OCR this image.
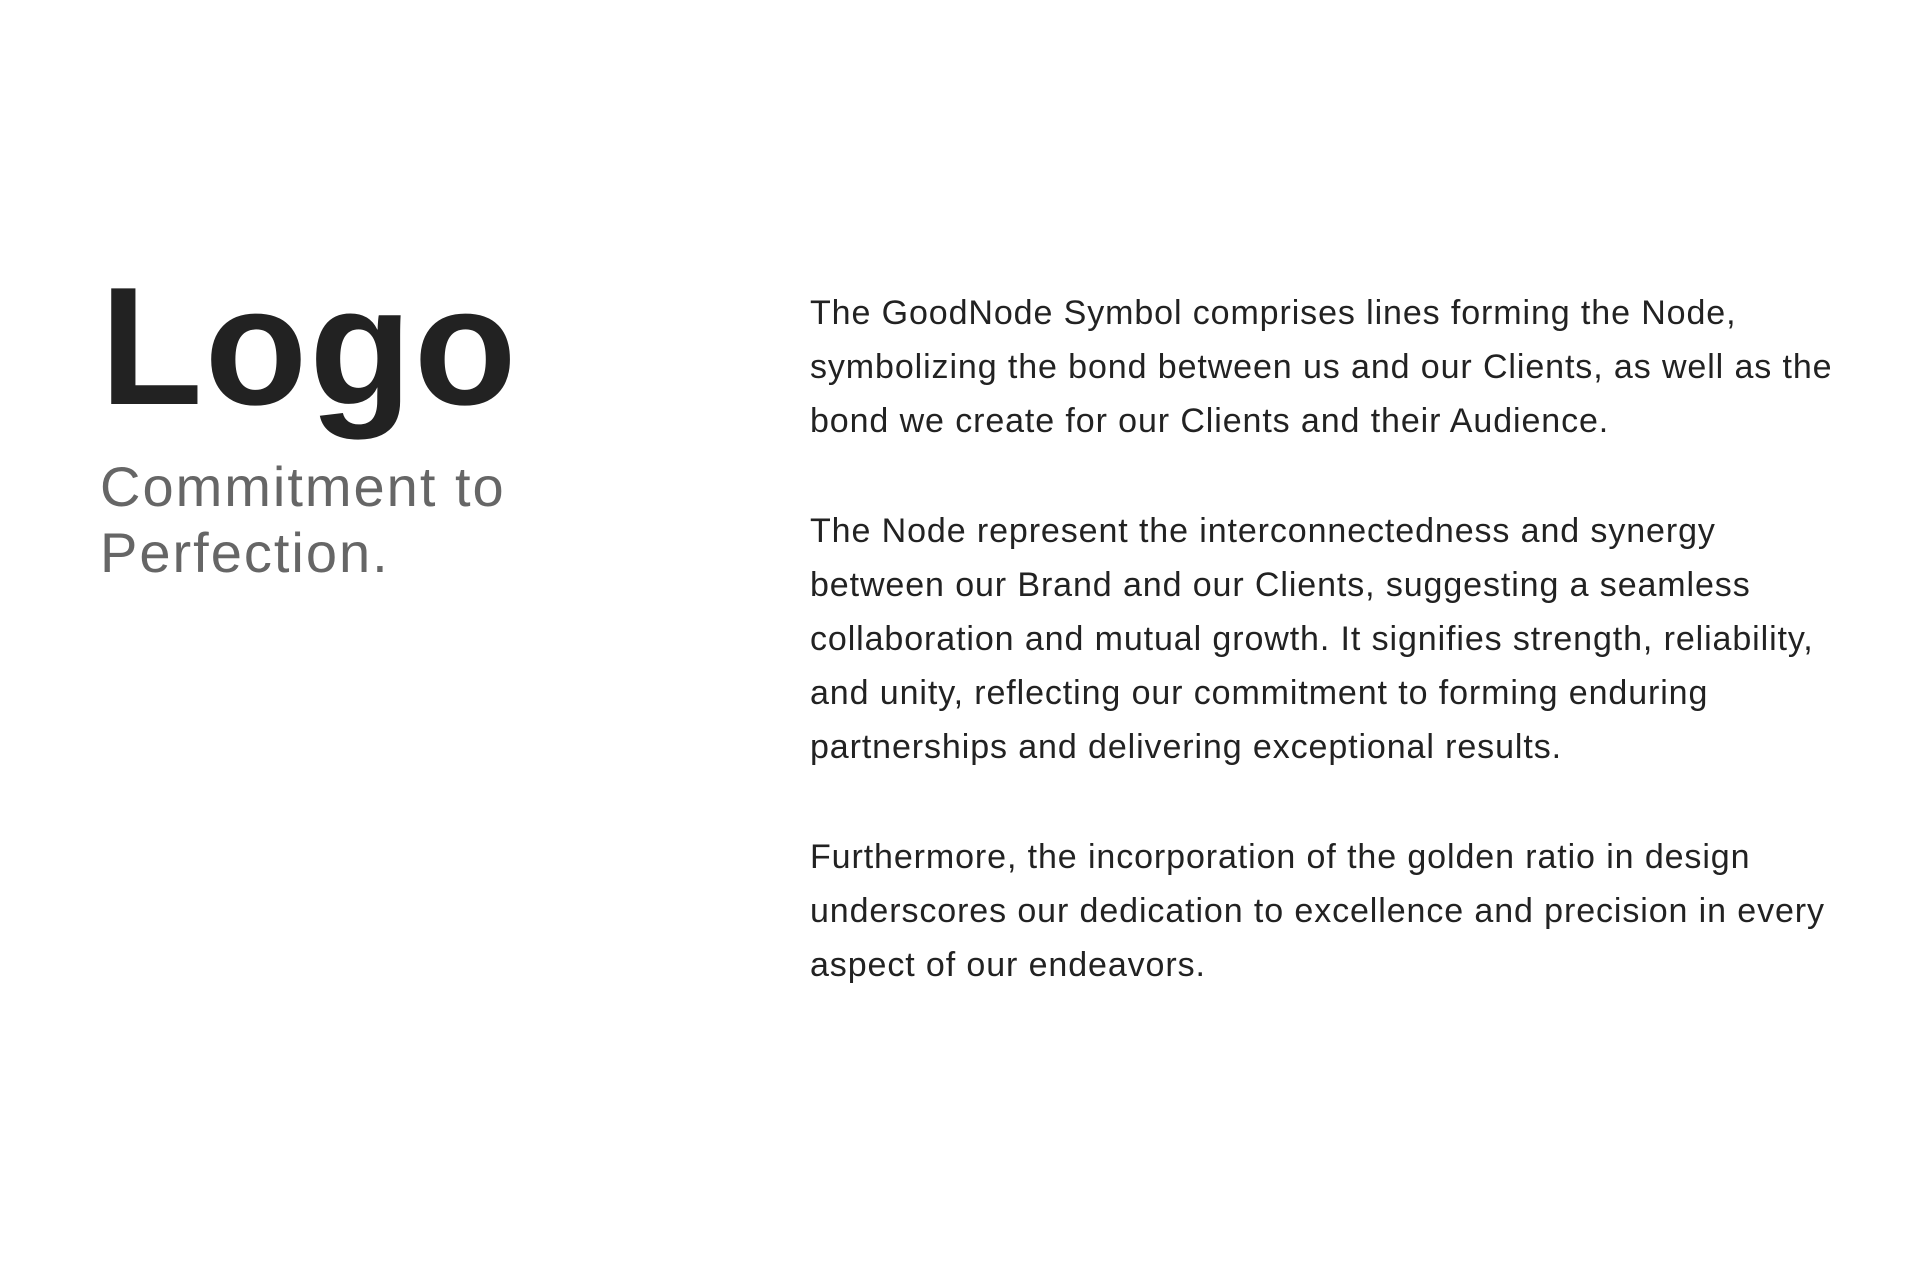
Logo

Commitment to Perfection.

The GoodNode Symbol comprises lines forming the Node, symbolizing the bond between us and our Clients, as well as the bond we create for our Clients and their Audience.

The Node represent the interconnectedness and synergy between our Brand and our Clients, suggesting a seamless collaboration and mutual growth. It signifies strength, reliability, and unity, reflecting our commitment to forming enduring partnerships and delivering exceptional results.

Furthermore, the incorporation of the golden ratio in design underscores our dedication to excellence and precision in every aspect of our endeavors.
